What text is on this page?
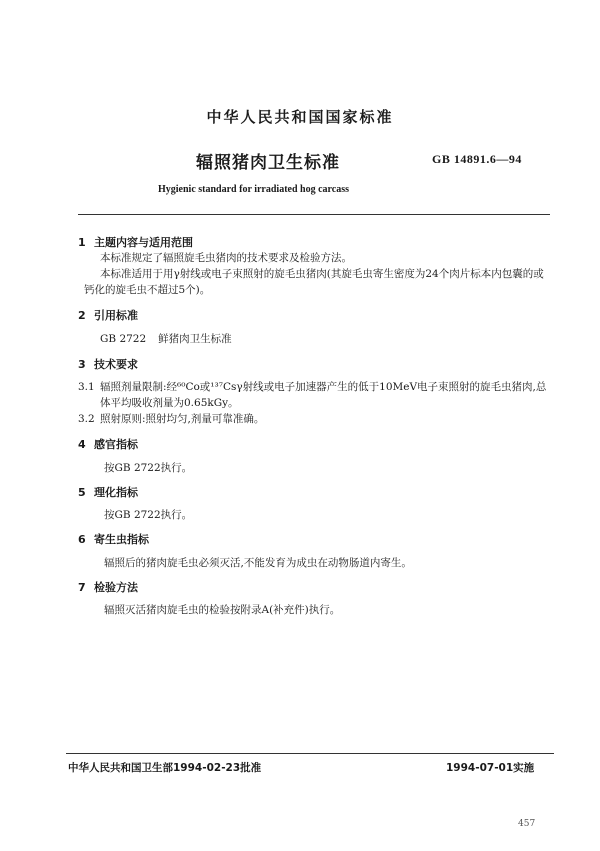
中华人民共和国国家标准
辐照猪肉卫生标准	GB 14891.6—94
Hygienic standard for irradiated hog carcass
1 主题内容与适用范围
本标准规定了辐照旋毛虫猪肉的技术要求及检验方法。
本标准适用于用γ射线或电子束照射的旋毛虫猪肉(其旋毛虫寄生密度为24个肉片标本内包囊的或钙化的旋毛虫不超过5个)。
2 引用标准
GB 2722 鲜猪肉卫生标准
3 技术要求
3.1 辐照剂量限制:经⁶⁰Co或¹³⁷Csγ射线或电子加速器产生的低于10MeV电子束照射的旋毛虫猪肉,总体平均吸收剂量为0.65kGy。
3.2 照射原则:照射均匀,剂量可靠准确。
4 感官指标
按GB 2722执行。
5 理化指标
按GB 2722执行。
6 寄生虫指标
辐照后的猪肉旋毛虫必须灭活,不能发育为成虫在动物肠道内寄生。
7 检验方法
辐照灭活猪肉旋毛虫的检验按附录A(补充件)执行。
中华人民共和国卫生部1994-02-23批准	1994-07-01实施
457
